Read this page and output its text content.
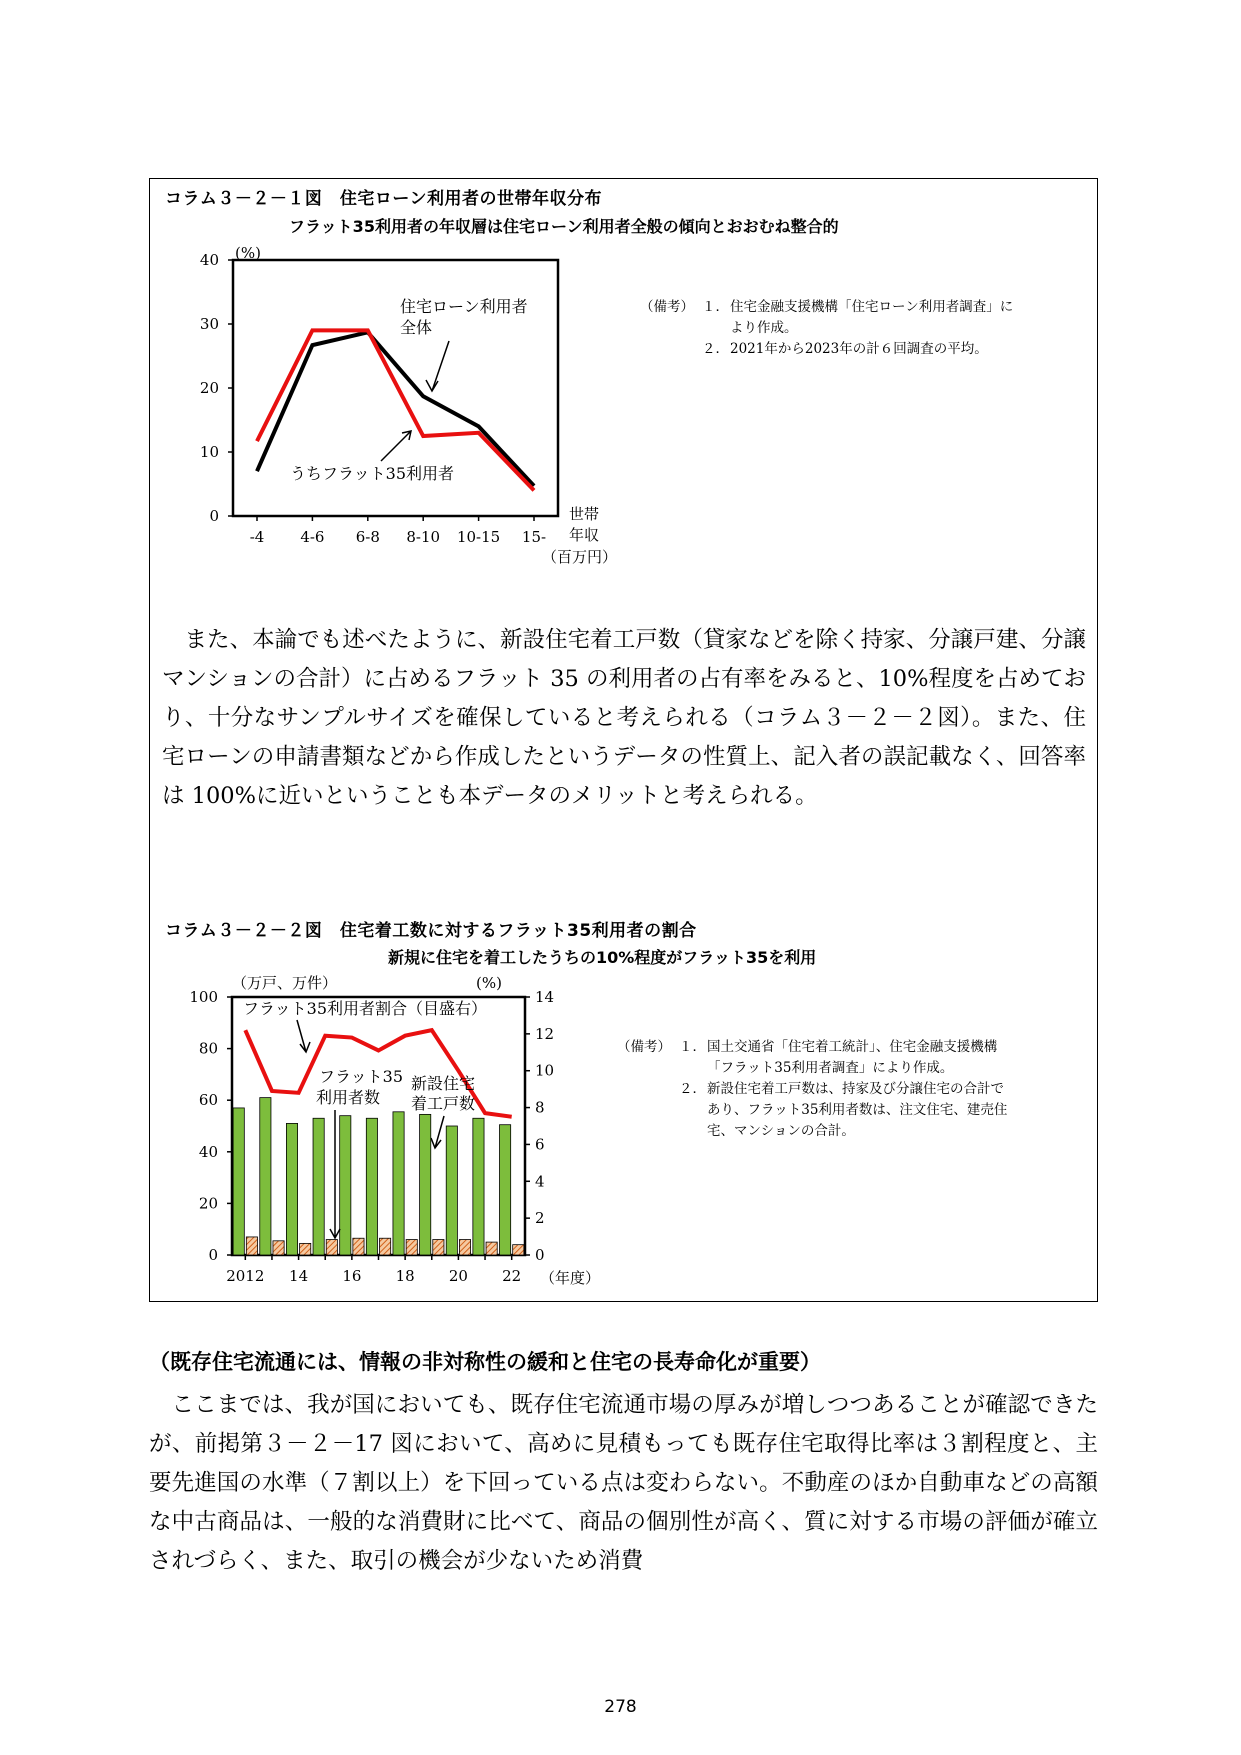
コラム３－２－１図　住宅ローン利用者の世帯年収分布
フラット35利用者の年収層は住宅ローン利用者全般の傾向とおおむね整合的
0
10
20
30
40
-4 4-6 6-8 8-10 10-15 15-
(%)
世帯
年収
（百万円）
住宅ローン利用者
全体
うちフラット35利用者
（備考） １． 住宅金融支援機構「住宅ローン利用者調査」に
より作成。
２． 2021年から2023年の計６回調査の平均。

また、本論でも述べたように、新設住宅着工戸数（貸家などを除く持家、分譲戸建、分譲マンションの合計）に占めるフラット 35 の利用者の占有率をみると、10%程度を占めており、十分なサンプルサイズを確保していると考えられる（コラム３－２－２図）。また、住宅ローンの申請書類などから作成したというデータの性質上、記入者の誤記載なく、回答率は 100%に近いということも本データのメリットと考えられる。

コラム３－２－２図　住宅着工数に対するフラット35利用者の割合
新規に住宅を着工したうちの10%程度がフラット35を利用
0
20
40
60
80
100
0
2
4
6
8
10
12
14
2012 14 16 18 20 22
（万戸、万件）	(%)
（年度）
フラット35利用者割合（目盛右）
フラット35
利用者数
新設住宅
着工戸数
（備考） １． 国土交通省「住宅着工統計」、住宅金融支援機構
「フラット35利用者調査」により作成。
２． 新設住宅着工戸数は、持家及び分譲住宅の合計で
あり、フラット35利用者数は、注文住宅、建売住
宅、マンションの合計。
（既存住宅流通には、情報の非対称性の緩和と住宅の長寿命化が重要）

ここまでは、我が国においても、既存住宅流通市場の厚みが増しつつあることが確認できたが、前掲第３－２－17 図において、高めに見積もっても既存住宅取得比率は３割程度と、主要先進国の水準（７割以上）を下回っている点は変わらない。不動産のほか自動車などの高額な中古商品は、一般的な消費財に比べて、商品の個別性が高く、質に対する市場の評価が確立されづらく、また、取引の機会が少ないため消費

278
